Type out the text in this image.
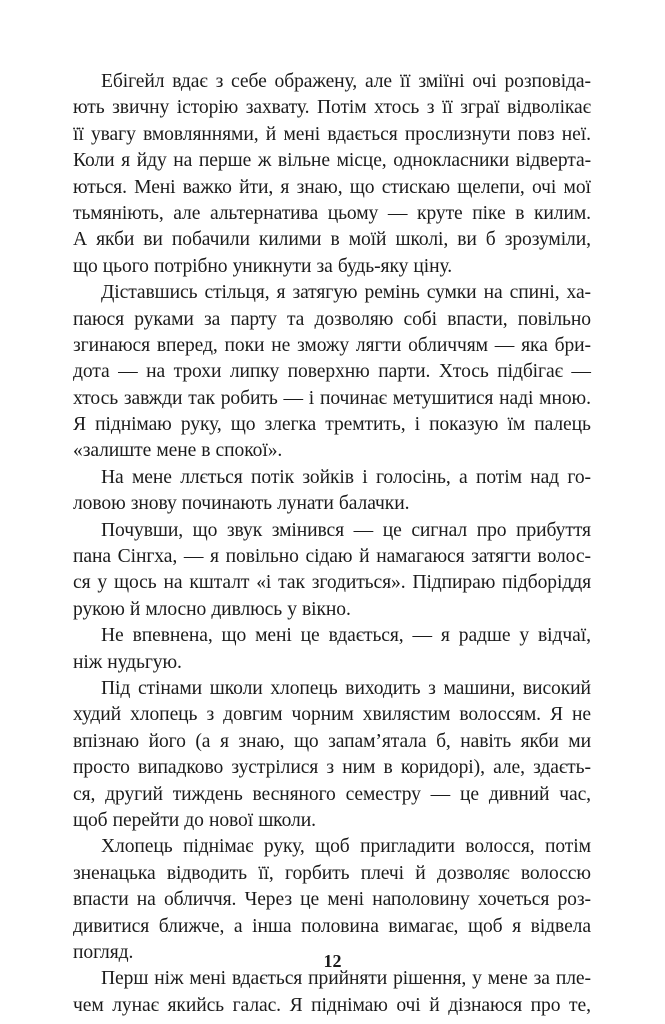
Ебігейл вдає з себе ображену, але її зміїні очі розповіда-
ють звичну історію захвату. Потім хтось з її зграї відволікає
її увагу вмовляннями, й мені вдається прослизнути повз неї.
Коли я йду на перше ж вільне місце, однокласники відверта-
ються. Мені важко йти, я знаю, що стискаю щелепи, очі мої
тьмяніють, але альтернатива цьому — круте піке в килим.
А якби ви побачили килими в моїй школі, ви б зрозуміли,
що цього потрібно уникнути за будь-яку ціну.
Діставшись стільця, я затягую ремінь сумки на спині, ха-
паюся руками за парту та дозволяю собі впасти, повільно
згинаюся вперед, поки не зможу лягти обличчям — яка бри-
дота — на трохи липку поверхню парти. Хтось підбігає —
хтось завжди так робить — і починає метушитися наді мною.
Я піднімаю руку, що злегка тремтить, і показую їм палець
«залиште мене в спокої».
На мене ллється потік зойків і голосінь, а потім над го-
ловою знову починають лунати балачки.
Почувши, що звук змінився — це сигнал про прибуття
пана Сінгха, — я повільно сідаю й намагаюся затягти волос-
ся у щось на кшталт «і так згодиться». Підпираю підборіддя
рукою й млосно дивлюсь у вікно.
Не впевнена, що мені це вдається, — я радше у відчаї,
ніж нудьгую.
Під стінами школи хлопець виходить з машини, високий
худий хлопець з довгим чорним хвилястим волоссям. Я не
впізнаю його (а я знаю, що запам’ятала б, навіть якби ми
просто випадково зустрілися з ним в коридорі), але, здаєть-
ся, другий тиждень весняного семестру — це дивний час,
щоб перейти до нової школи.
Хлопець піднімає руку, щоб пригладити волосся, потім
зненацька відводить її, горбить плечі й дозволяє волоссю
впасти на обличчя. Через це мені наполовину хочеться роз-
дивитися ближче, а інша половина вимагає, щоб я відвела
погляд.
Перш ніж мені вдається прийняти рішення, у мене за пле-
чем лунає якийсь галас. Я піднімаю очі й дізнаюся про те,
12
